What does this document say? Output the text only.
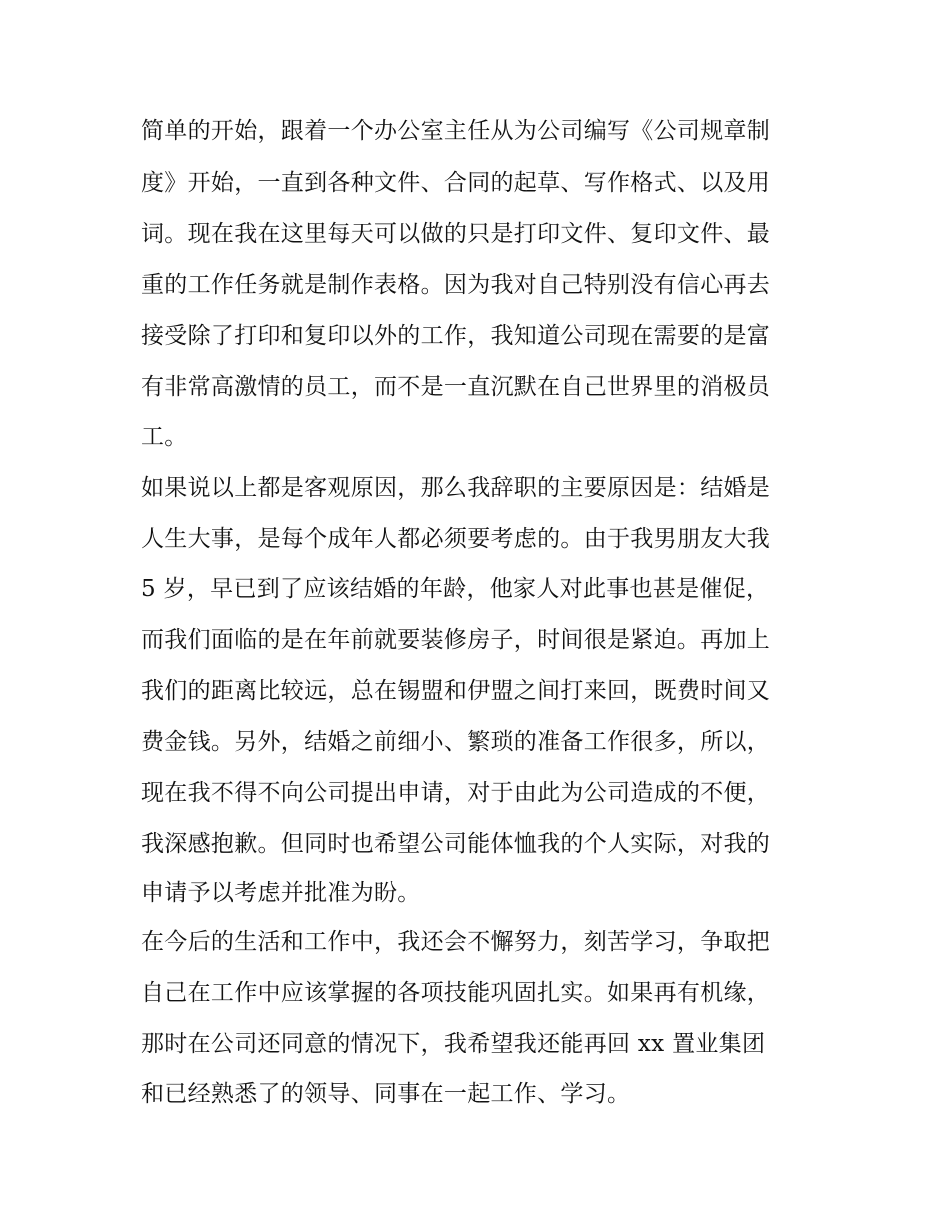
简单的开始，跟着一个办公室主任从为公司编写《公司规章制
度》开始，一直到各种文件、合同的起草、写作格式、以及用
词。现在我在这里每天可以做的只是打印文件、复印文件、最
重的工作任务就是制作表格。因为我对自己特别没有信心再去
接受除了打印和复印以外的工作，我知道公司现在需要的是富
有非常高激情的员工，而不是一直沉默在自己世界里的消极员
工。
如果说以上都是客观原因，那么我辞职的主要原因是：结婚是
人生大事，是每个成年人都必须要考虑的。由于我男朋友大我
5 岁，早已到了应该结婚的年龄，他家人对此事也甚是催促，
而我们面临的是在年前就要装修房子，时间很是紧迫。再加上
我们的距离比较远，总在锡盟和伊盟之间打来回，既费时间又
费金钱。另外，结婚之前细小、繁琐的准备工作很多，所以，
现在我不得不向公司提出申请，对于由此为公司造成的不便，
我深感抱歉。但同时也希望公司能体恤我的个人实际，对我的
申请予以考虑并批准为盼。
在今后的生活和工作中，我还会不懈努力，刻苦学习，争取把
自己在工作中应该掌握的各项技能巩固扎实。如果再有机缘，
那时在公司还同意的情况下，我希望我还能再回 xx 置业集团
和已经熟悉了的领导、同事在一起工作、学习。
